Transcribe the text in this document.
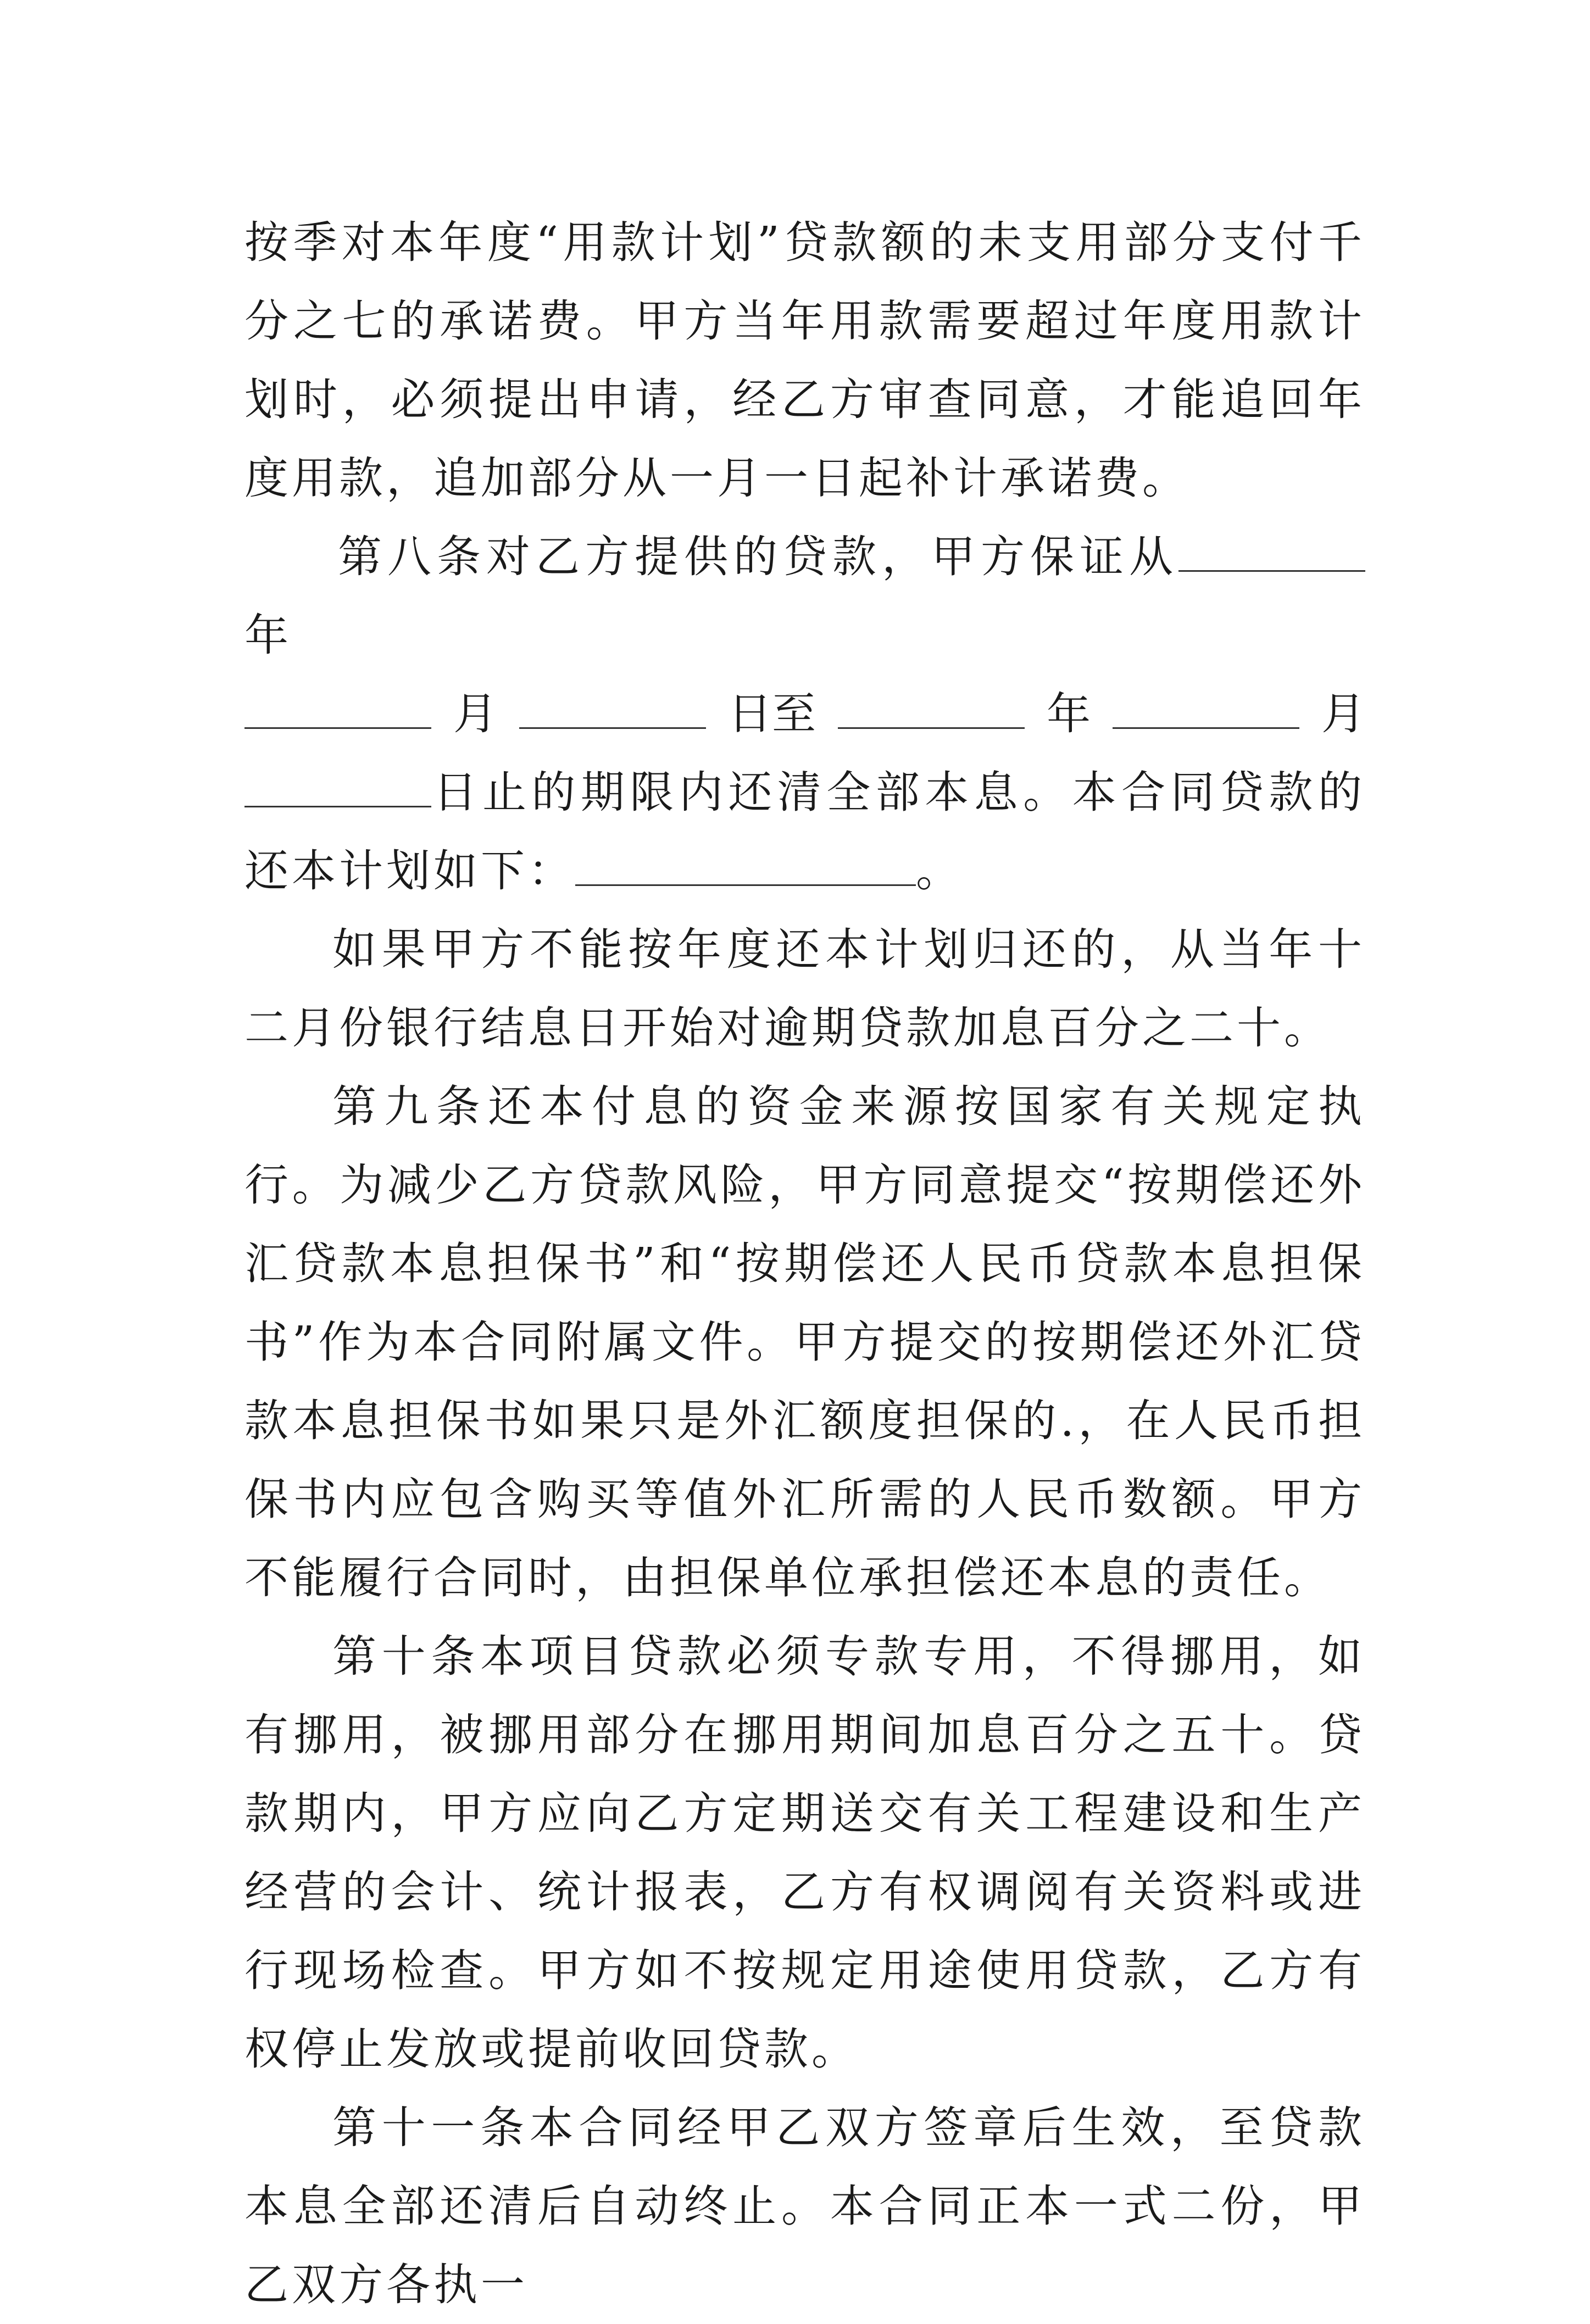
按季对本年度“用款计划”贷款额的未支用部分支付千分之七的承诺费。甲方当年用款需要超过年度用款计划时，必须提出申请，经乙方审查同意，才能追回年度用款，追加部分从一月一日起补计承诺费。

第八条对乙方提供的贷款，甲方保证从年

月	日至	年	月

日止的期限内还清全部本息。本合同贷款的还本计划如下：	。

如果甲方不能按年度还本计划归还的，从当年十二月份银行结息日开始对逾期贷款加息百分之二十。

第九条还本付息的资金来源按国家有关规定执行。为减少乙方贷款风险，甲方同意提交“按期偿还外汇贷款本息担保书”和“按期偿还人民币贷款本息担保书”作为本合同附属文件。甲方提交的按期偿还外汇贷款本息担保书如果只是外汇额度担保的.，在人民币担保书内应包含购买等值外汇所需的人民币数额。甲方不能履行合同时，由担保单位承担偿还本息的责任。

第十条本项目贷款必须专款专用，不得挪用，如有挪用，被挪用部分在挪用期间加息百分之五十。贷款期内，甲方应向乙方定期送交有关工程建设和生产经营的会计、统计报表，乙方有权调阅有关资料或进行现场检查。甲方如不按规定用途使用贷款，乙方有权停止发放或提前收回贷款。

第十一条本合同经甲乙双方签章后生效，至贷款本息全部还清后自动终止。本合同正本一式二份，甲乙双方各执一
